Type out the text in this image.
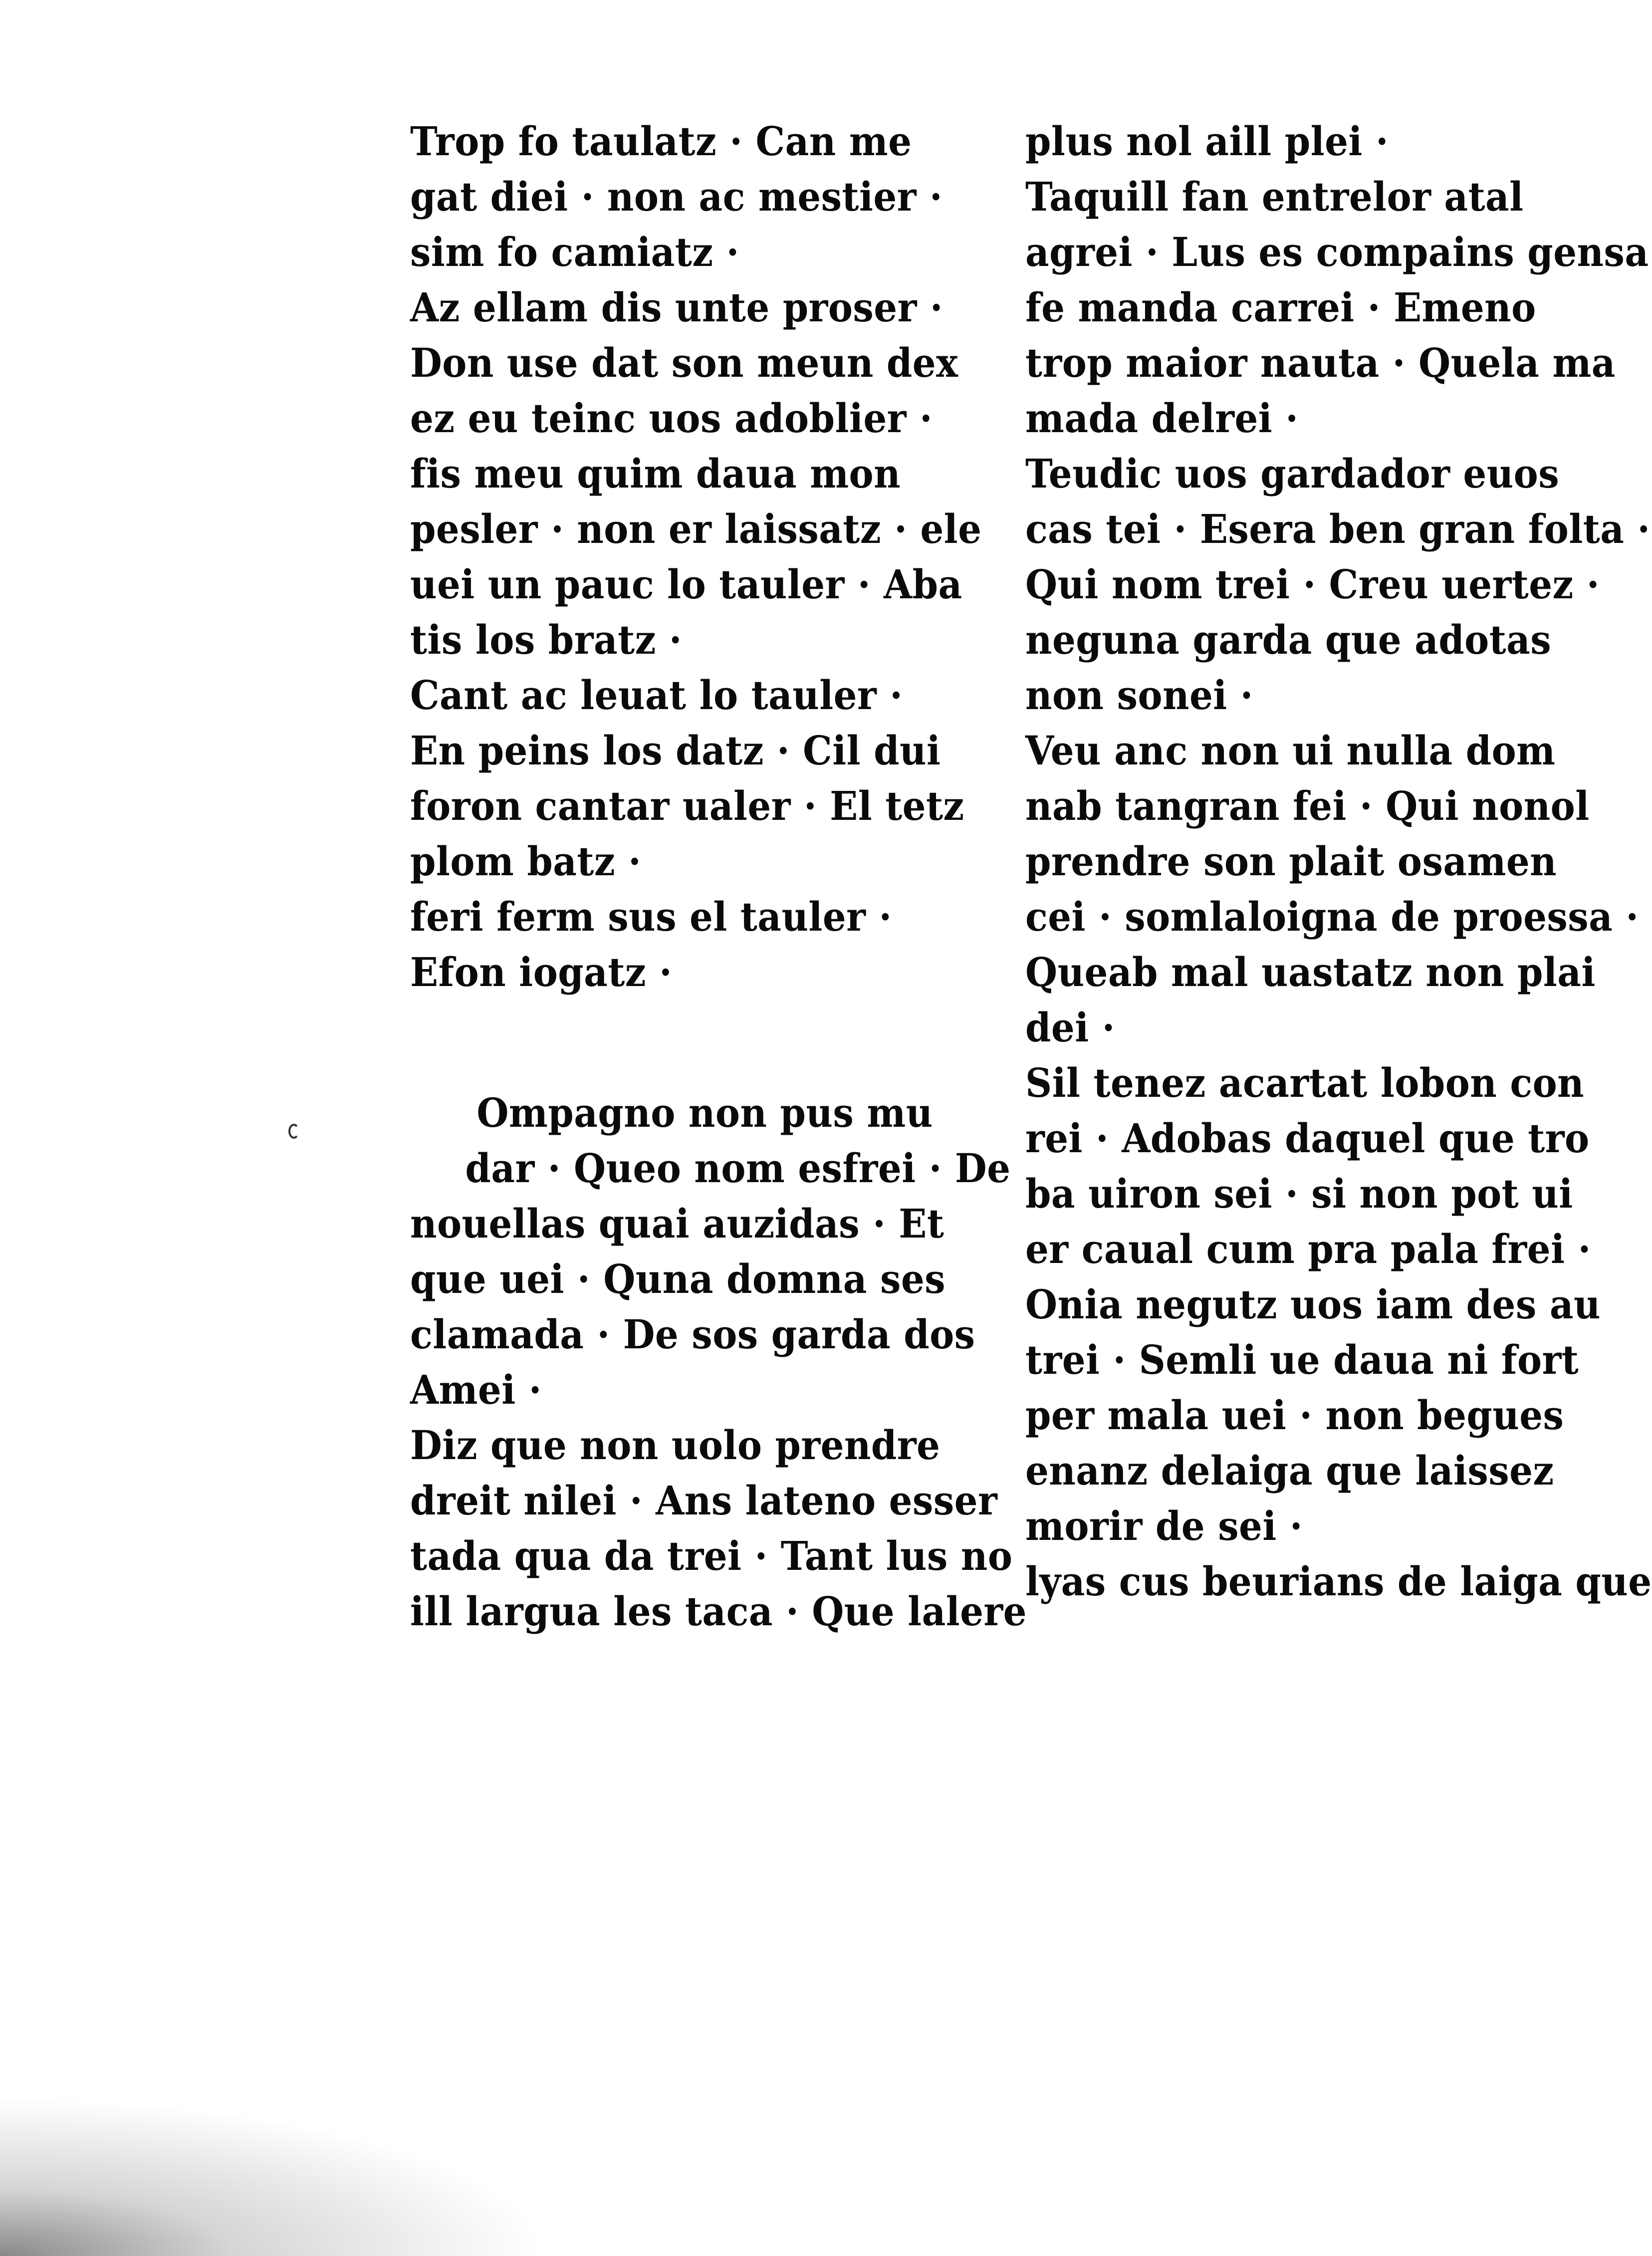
Trop fo taulatz · Can me
gat diei · non ac mestier ·
sim fo camiatz ·
Az ellam dis unte proser ·
Don use dat son meun dex
ez eu teinc uos adoblier ·
fis meu quim daua mon
pesler · non er laissatz · ele
uei un pauc lo tauler · Aba
tis los bratz ·
Cant ac leuat lo tauler ·
En peins los datz · Cil dui
foron cantar ualer · El tetz
plom batz ·
feri ferm sus el tauler ·
Efon iogatz ·
Ompagno non pus mu
dar · Queo nom esfrei · De
nouellas quai auzidas · Et
que uei · Quna domna ses
clamada · De sos garda dos
Amei ·
Diz que non uolo prendre
dreit nilei · Ans lateno esser
tada qua da trei · Tant lus no
ill largua les taca · Que lalere
plus nol aill plei ·
Taquill fan entrelor atal
agrei · Lus es compains gensa
fe manda carrei · Emeno
trop maior nauta · Quela ma
mada delrei ·
Teudic uos gardador euos
cas tei · Esera ben gran folta ·
Qui nom trei · Creu uertez ·
neguna garda que adotas
non sonei ·
Veu anc non ui nulla dom
nab tangran fei · Qui nonol
prendre son plait osamen
cei · somlaloigna de proessa ·
Queab mal uastatz non plai
dei ·
Sil tenez acartat lobon con
rei · Adobas daquel que tro
ba uiron sei · si non pot ui
er caual cum pra pala frei ·
Onia negutz uos iam des au
trei · Semli ue daua ni fort
per mala uei · non begues
enanz delaiga que laissez
morir de sei ·
lyas cus beurians de laiga que
